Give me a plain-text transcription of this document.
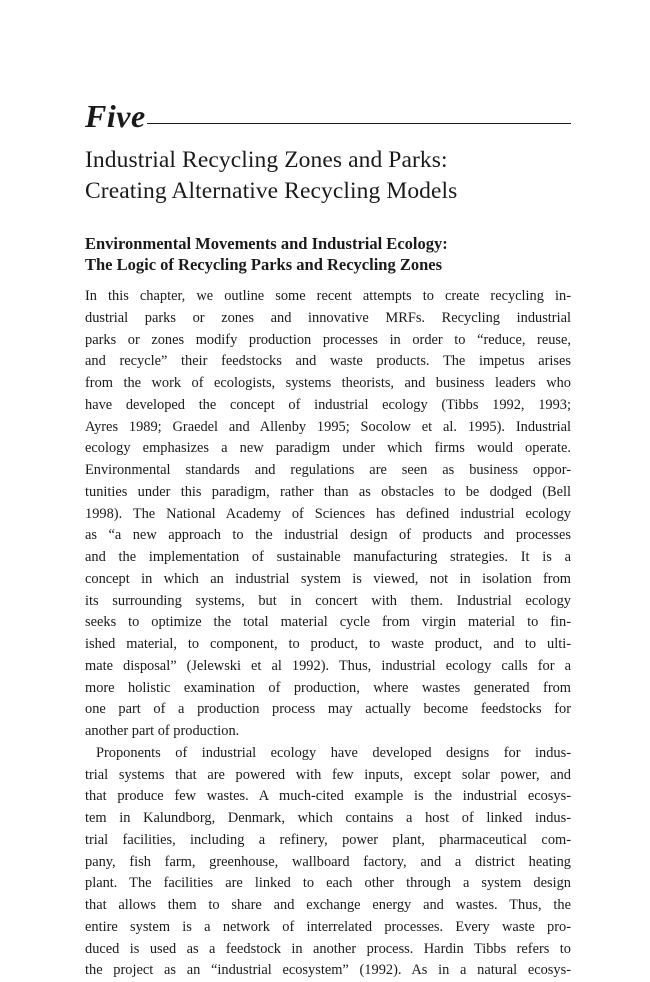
Five
Industrial Recycling Zones and Parks:
Creating Alternative Recycling Models
Environmental Movements and Industrial Ecology:
The Logic of Recycling Parks and Recycling Zones
In this chapter, we outline some recent attempts to create recycling in-
dustrial parks or zones and innovative MRFs. Recycling industrial
parks or zones modify production processes in order to “reduce, reuse,
and recycle” their feedstocks and waste products. The impetus arises
from the work of ecologists, systems theorists, and business leaders who
have developed the concept of industrial ecology (Tibbs 1992, 1993;
Ayres 1989; Graedel and Allenby 1995; Socolow et al. 1995). Industrial
ecology emphasizes a new paradigm under which firms would operate.
Environmental standards and regulations are seen as business oppor-
tunities under this paradigm, rather than as obstacles to be dodged (Bell
1998). The National Academy of Sciences has defined industrial ecology
as “a new approach to the industrial design of products and processes
and the implementation of sustainable manufacturing strategies. It is a
concept in which an industrial system is viewed, not in isolation from
its surrounding systems, but in concert with them. Industrial ecology
seeks to optimize the total material cycle from virgin material to fin-
ished material, to component, to product, to waste product, and to ulti-
mate disposal” (Jelewski et al 1992). Thus, industrial ecology calls for a
more holistic examination of production, where wastes generated from
one part of a production process may actually become feedstocks for
another part of production.
Proponents of industrial ecology have developed designs for indus-
trial systems that are powered with few inputs, except solar power, and
that produce few wastes. A much-cited example is the industrial ecosys-
tem in Kalundborg, Denmark, which contains a host of linked indus-
trial facilities, including a refinery, power plant, pharmaceutical com-
pany, fish farm, greenhouse, wallboard factory, and a district heating
plant. The facilities are linked to each other through a system design
that allows them to share and exchange energy and wastes. Thus, the
entire system is a network of interrelated processes. Every waste pro-
duced is used as a feedstock in another process. Hardin Tibbs refers to
the project as an “industrial ecosystem” (1992). As in a natural ecosys-
